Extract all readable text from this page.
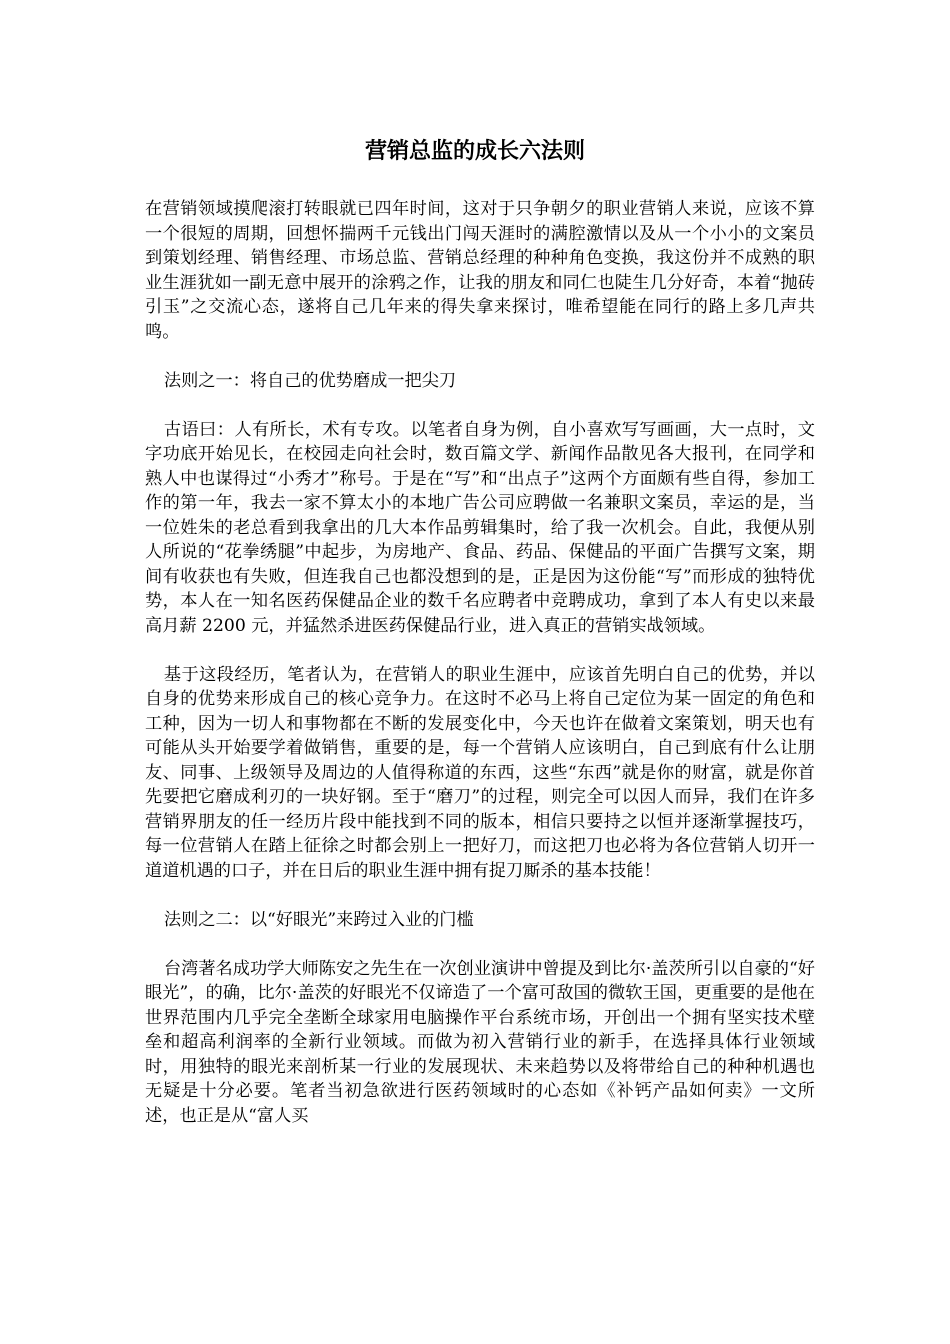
营销总监的成长六法则

在营销领域摸爬滚打转眼就已四年时间，这对于只争朝夕的职业营销人来说，应该不算一个很短的周期，回想怀揣两千元钱出门闯天涯时的满腔激情以及从一个小小的文案员到策划经理、销售经理、市场总监、营销总经理的种种角色变换，我这份并不成熟的职业生涯犹如一副无意中展开的涂鸦之作，让我的朋友和同仁也陡生几分好奇，本着“抛砖引玉”之交流心态，遂将自己几年来的得失拿来探讨，唯希望能在同行的路上多几声共鸣。

法则之一：将自己的优势磨成一把尖刀

古语曰：人有所长，术有专攻。以笔者自身为例，自小喜欢写写画画，大一点时，文字功底开始见长，在校园走向社会时，数百篇文学、新闻作品散见各大报刊，在同学和熟人中也谋得过“小秀才”称号。于是在“写”和“出点子”这两个方面颇有些自得，参加工作的第一年，我去一家不算太小的本地广告公司应聘做一名兼职文案员，幸运的是，当一位姓朱的老总看到我拿出的几大本作品剪辑集时，给了我一次机会。自此，我便从别人所说的“花拳绣腿”中起步，为房地产、食品、药品、保健品的平面广告撰写文案，期间有收获也有失败，但连我自己也都没想到的是，正是因为这份能“写”而形成的独特优势，本人在一知名医药保健品企业的数千名应聘者中竞聘成功，拿到了本人有史以来最高月薪 2200 元，并猛然杀进医药保健品行业，进入真正的营销实战领域。

基于这段经历，笔者认为，在营销人的职业生涯中，应该首先明白自己的优势，并以自身的优势来形成自己的核心竞争力。在这时不必马上将自己定位为某一固定的角色和工种，因为一切人和事物都在不断的发展变化中，今天也许在做着文案策划，明天也有可能从头开始要学着做销售，重要的是，每一个营销人应该明白，自己到底有什么让朋友、同事、上级领导及周边的人值得称道的东西，这些“东西”就是你的财富，就是你首先要把它磨成利刃的一块好钢。至于“磨刀”的过程，则完全可以因人而异，我们在许多营销界朋友的任一经历片段中能找到不同的版本，相信只要持之以恒并逐渐掌握技巧，每一位营销人在踏上征徐之时都会别上一把好刀，而这把刀也必将为各位营销人切开一道道机遇的口子，并在日后的职业生涯中拥有捉刀厮杀的基本技能！

法则之二：以“好眼光”来跨过入业的门槛

台湾著名成功学大师陈安之先生在一次创业演讲中曾提及到比尔·盖茨所引以自豪的“好眼光”，的确，比尔·盖茨的好眼光不仅谛造了一个富可敌国的微软王国，更重要的是他在世界范围内几乎完全垄断全球家用电脑操作平台系统市场，开创出一个拥有坚实技术壁垒和超高利润率的全新行业领域。而做为初入营销行业的新手，在选择具体行业领域时，用独特的眼光来剖析某一行业的发展现状、未来趋势以及将带给自己的种种机遇也无疑是十分必要。笔者当初急欲进行医药领域时的心态如《补钙产品如何卖》一文所述，也正是从“富人买
